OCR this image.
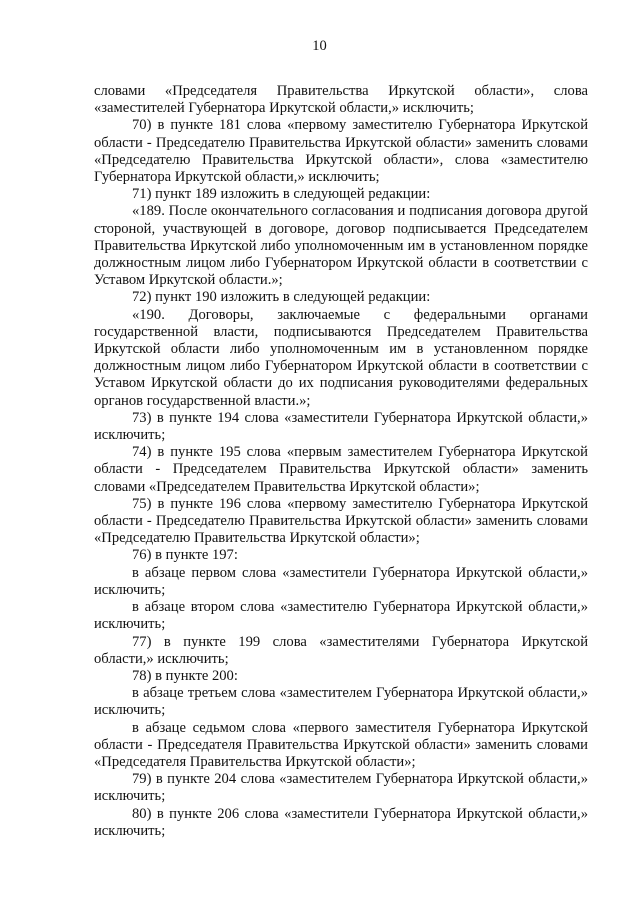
10

словами «Председателя Правительства Иркутской области», слова «заместителей Губернатора Иркутской области,» исключить;

70) в пункте 181 слова «первому заместителю Губернатора Иркутской области - Председателю Правительства Иркутской области» заменить словами «Председателю Правительства Иркутской области», слова «заместителю Губернатора Иркутской области,» исключить;

71) пункт 189 изложить в следующей редакции:

«189. После окончательного согласования и подписания договора другой стороной, участвующей в договоре, договор подписывается Председателем Правительства Иркутской либо уполномоченным им в установленном порядке должностным лицом либо Губернатором Иркутской области в соответствии с Уставом Иркутской области.»;

72) пункт 190 изложить в следующей редакции:

«190. Договоры, заключаемые с федеральными органами государственной власти, подписываются Председателем Правительства Иркутской области либо уполномоченным им в установленном порядке должностным лицом либо Губернатором Иркутской области в соответствии с Уставом Иркутской области до их подписания руководителями федеральных органов государственной власти.»;

73) в пункте 194 слова «заместители Губернатора Иркутской области,» исключить;

74) в пункте 195 слова «первым заместителем Губернатора Иркутской области - Председателем Правительства Иркутской области» заменить словами «Председателем Правительства Иркутской области»;

75) в пункте 196 слова «первому заместителю Губернатора Иркутской области - Председателю Правительства Иркутской области» заменить словами «Председателю Правительства Иркутской области»;

76) в пункте 197:

в абзаце первом слова «заместители Губернатора Иркутской области,» исключить;

в абзаце втором слова «заместителю Губернатора Иркутской области,» исключить;

77) в пункте 199 слова «заместителями Губернатора Иркутской области,» исключить;

78) в пункте 200:

в абзаце третьем слова «заместителем Губернатора Иркутской области,» исключить;

в абзаце седьмом слова «первого заместителя Губернатора Иркутской области - Председателя Правительства Иркутской области» заменить словами «Председателя Правительства Иркутской области»;

79) в пункте 204 слова «заместителем Губернатора Иркутской области,» исключить;

80) в пункте 206 слова «заместители Губернатора Иркутской области,» исключить;
